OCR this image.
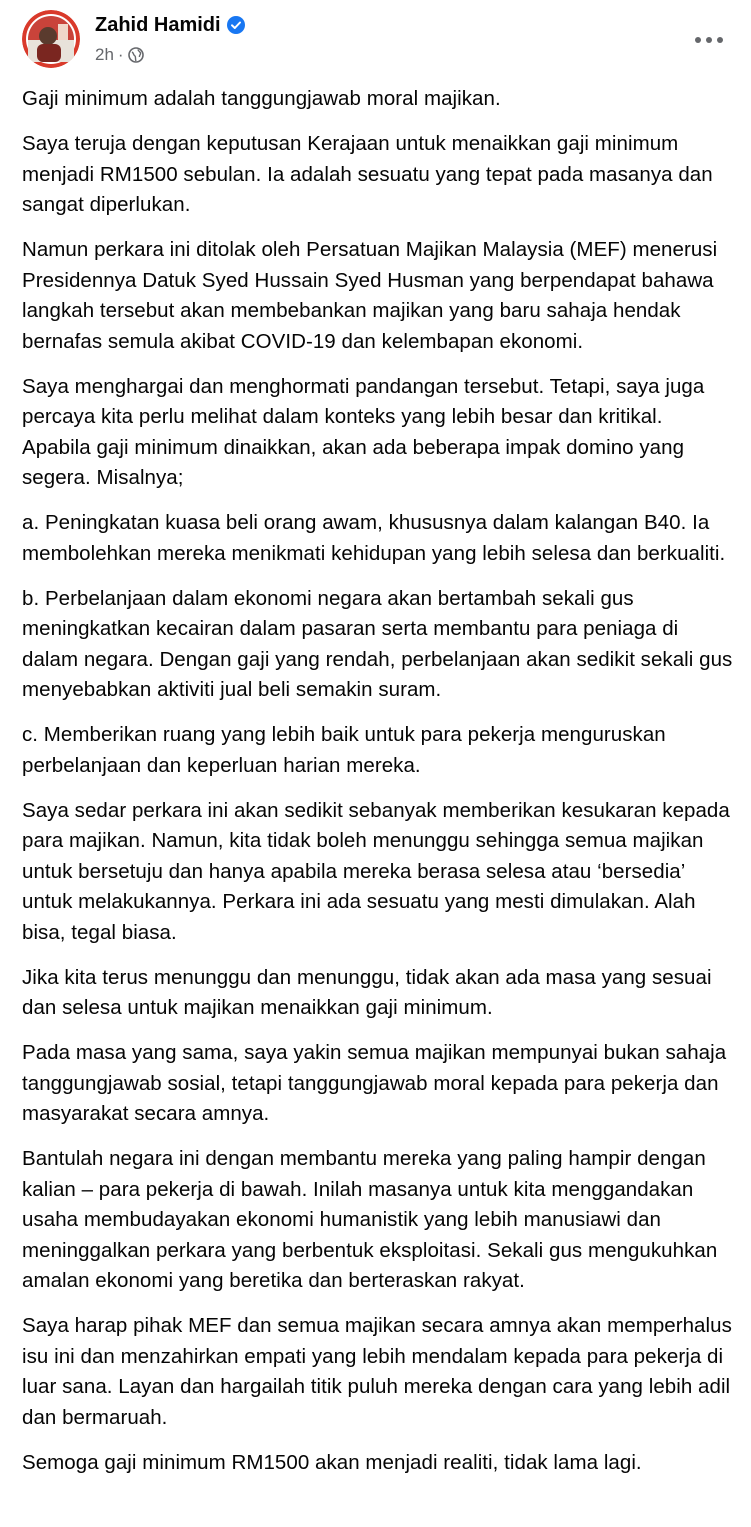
Zahid Hamidi
2h ·

Gaji minimum adalah tanggungjawab moral majikan.

Saya teruja dengan keputusan Kerajaan untuk menaikkan gaji minimum menjadi RM1500 sebulan. Ia adalah sesuatu yang tepat pada masanya dan sangat diperlukan.

Namun perkara ini ditolak oleh Persatuan Majikan Malaysia (MEF) menerusi Presidennya Datuk Syed Hussain Syed Husman yang berpendapat bahawa langkah tersebut akan membebankan majikan yang baru sahaja hendak bernafas semula akibat COVID-19 dan kelembapan ekonomi.

Saya menghargai dan menghormati pandangan tersebut. Tetapi, saya juga percaya kita perlu melihat dalam konteks yang lebih besar dan kritikal. Apabila gaji minimum dinaikkan, akan ada beberapa impak domino yang segera. Misalnya;

a. Peningkatan kuasa beli orang awam, khususnya dalam kalangan B40. Ia membolehkan mereka menikmati kehidupan yang lebih selesa dan berkualiti.

b. Perbelanjaan dalam ekonomi negara akan bertambah sekali gus meningkatkan kecairan dalam pasaran serta membantu para peniaga di dalam negara. Dengan gaji yang rendah, perbelanjaan akan sedikit sekali gus menyebabkan aktiviti jual beli semakin suram.

c. Memberikan ruang yang lebih baik untuk para pekerja menguruskan perbelanjaan dan keperluan harian mereka.

Saya sedar perkara ini akan sedikit sebanyak memberikan kesukaran kepada para majikan. Namun, kita tidak boleh menunggu sehingga semua majikan untuk bersetuju dan hanya apabila mereka berasa selesa atau ‘bersedia’ untuk melakukannya. Perkara ini ada sesuatu yang mesti dimulakan. Alah bisa, tegal biasa.

Jika kita terus menunggu dan menunggu, tidak akan ada masa yang sesuai dan selesa untuk majikan menaikkan gaji minimum.

Pada masa yang sama, saya yakin semua majikan mempunyai bukan sahaja tanggungjawab sosial, tetapi tanggungjawab moral kepada para pekerja dan masyarakat secara amnya.

Bantulah negara ini dengan membantu mereka yang paling hampir dengan kalian – para pekerja di bawah. Inilah masanya untuk kita menggandakan usaha membudayakan ekonomi humanistik yang lebih manusiawi dan meninggalkan perkara yang berbentuk eksploitasi. Sekali gus mengukuhkan amalan ekonomi yang beretika dan berteraskan rakyat.

Saya harap pihak MEF dan semua majikan secara amnya akan memperhalus isu ini dan menzahirkan empati yang lebih mendalam kepada para pekerja di luar sana. Layan dan hargailah titik puluh mereka dengan cara yang lebih adil dan bermaruah.

Semoga gaji minimum RM1500 akan menjadi realiti, tidak lama lagi.
